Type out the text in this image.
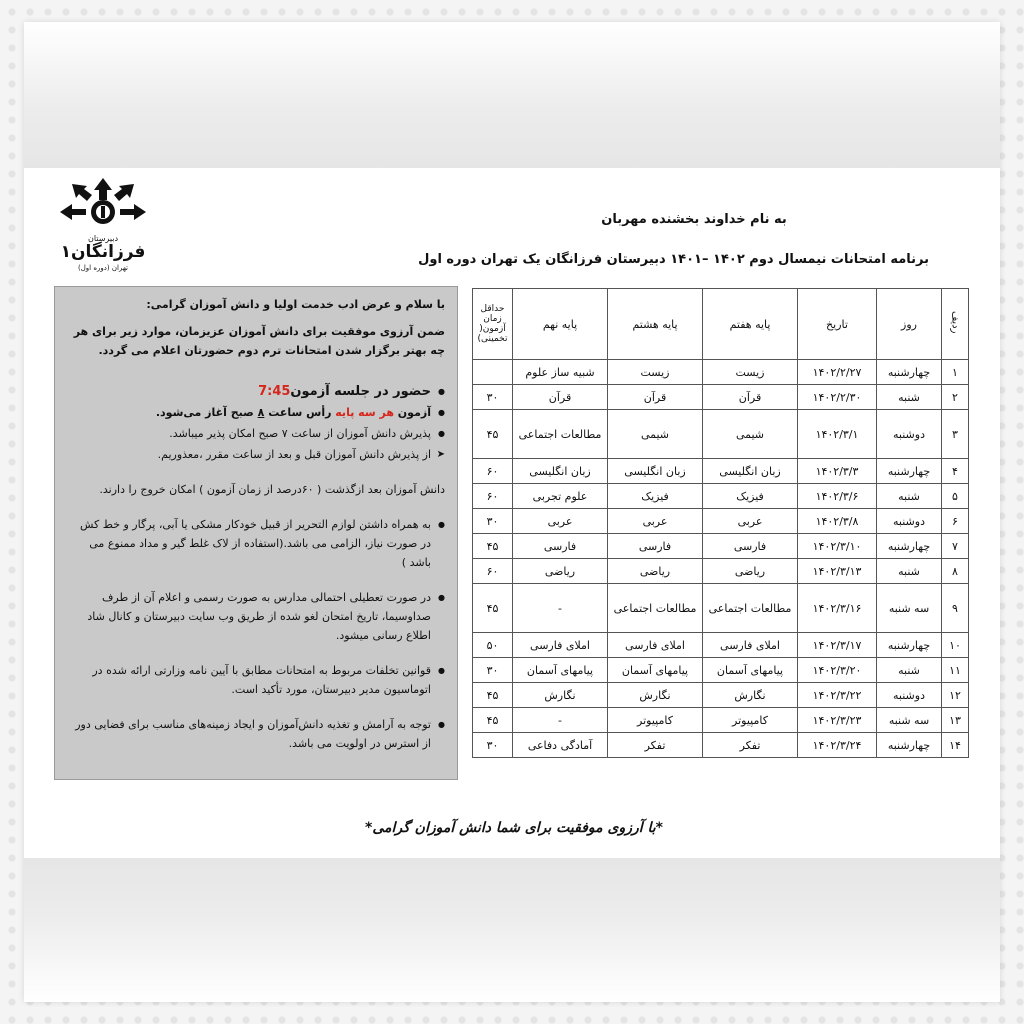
دبیرستان
فرزانگان۱
تهران (دوره اول)
به نام خداوند بخشنده مهربان
برنامه امتحانات نیمسال دوم ۱۴۰۲ –۱۴۰۱ دبیرستان فرزانگان یک تهران دوره اول

با سلام و عرض ادب خدمت اولیا و دانش آموزان گرامی:

ضمن آرزوی موفقیت برای دانش آموزان عزیزمان، موارد زیر برای هر چه بهتر برگزار شدن امتحانات ترم دوم حضورتان اعلام می گردد.

● حضور در جلسه آزمون7:45

● آزمون هر سه پایه رأس ساعت ۸ صبح آغاز می‌شود.

● پذیرش دانش آموزان از ساعت ۷ صبح امکان پذیر میباشد.

➤ از پذیرش دانش آموزان قبل و بعد از ساعت مقرر ،معذوریم.

دانش آموزان بعد ازگذشت ( ۶۰درصد از زمان آزمون ) امکان خروج را دارند.

● به همراه داشتن لوازم التحریر از قبیل خودکار مشکی یا آبی، پرگار و خط کش در صورت نیاز، الزامی می باشد.(استفاده از لاک غلط گیر و مداد ممنوع می باشد )

● در صورت تعطیلی احتمالی مدارس به صورت رسمی و اعلام آن از طرف صداوسیما، تاریخ امتحان لغو شده از طریق وب سایت دبیرستان و کانال شاد اطلاع رسانی میشود.

● قوانین تخلفات مربوط به امتحانات مطابق با آیین نامه وزارتی ارائه شده در اتوماسیون مدیر دبیرستان، مورد تأکید است.

● توجه به آرامش و تغذیه دانش‌آموزان و ایجاد زمینه‌های مناسب برای فضایی دور از استرس در اولویت می باشد.

ردیف	روز	تاریخ	پایه هفتم	پایه هشتم	پایه نهم	حداقل زمان آزمون( تخمینی)
۱	چهارشنبه	۱۴۰۲/۲/۲۷	زیست	زیست	شبیه ساز علوم	
۲	شنبه	۱۴۰۲/۲/۳۰	قرآن	قرآن	قرآن	۳۰
۳	دوشنبه	۱۴۰۲/۳/۱	شیمی	شیمی	مطالعات اجتماعی	۴۵
۴	چهارشنبه	۱۴۰۲/۳/۳	زبان انگلیسی	زبان انگلیسی	زبان انگلیسی	۶۰
۵	شنبه	۱۴۰۲/۳/۶	فیزیک	فیزیک	علوم تجربی	۶۰
۶	دوشنبه	۱۴۰۲/۳/۸	عربی	عربی	عربی	۳۰
۷	چهارشنبه	۱۴۰۲/۳/۱۰	فارسی	فارسی	فارسی	۴۵
۸	شنبه	۱۴۰۲/۳/۱۳	ریاضی	ریاضی	ریاضی	۶۰
۹	سه شنبه	۱۴۰۲/۳/۱۶	مطالعات اجتماعی	مطالعات اجتماعی	-	۴۵
۱۰	چهارشنبه	۱۴۰۲/۳/۱۷	املای فارسی	املای فارسی	املای فارسی	۵۰
۱۱	شنبه	۱۴۰۲/۳/۲۰	پیامهای آسمان	پیامهای آسمان	پیامهای آسمان	۳۰
۱۲	دوشنبه	۱۴۰۲/۳/۲۲	نگارش	نگارش	نگارش	۴۵
۱۳	سه شنبه	۱۴۰۲/۳/۲۳	کامپیوتر	کامپیوتر	-	۴۵
۱۴	چهارشنبه	۱۴۰۲/۳/۲۴	تفکر	تفکر	آمادگی دفاعی	۳۰
*با آرزوی موفقیت برای شما دانش آموزان گرامی*
